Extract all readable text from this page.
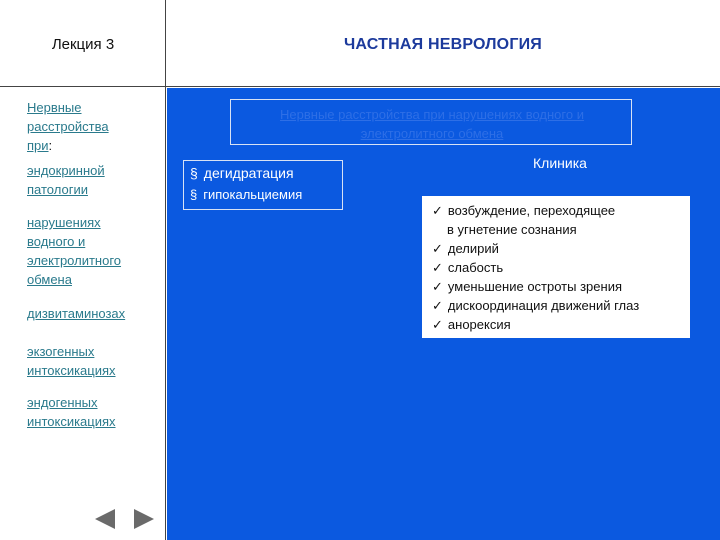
Лекция 3	ЧАСТНАЯ НЕВРОЛОГИЯ
Нервные
расстройства
при:
эндокринной
патологии
нарушениях
водного и
электролитного
обмена
дизвитаминозах
экзогенных
интоксикациях
эндогенных
интоксикациях
Нервные расстройства при нарушениях водного и
электролитного обмена
§ дегидратация
§ гипокальциемия
Клиника
✓ возбуждение, переходящее
в угнетение сознания
✓ делирий
✓ слабость
✓ уменьшение остроты зрения
✓ дискоординация движений глаз
✓ анорексия
